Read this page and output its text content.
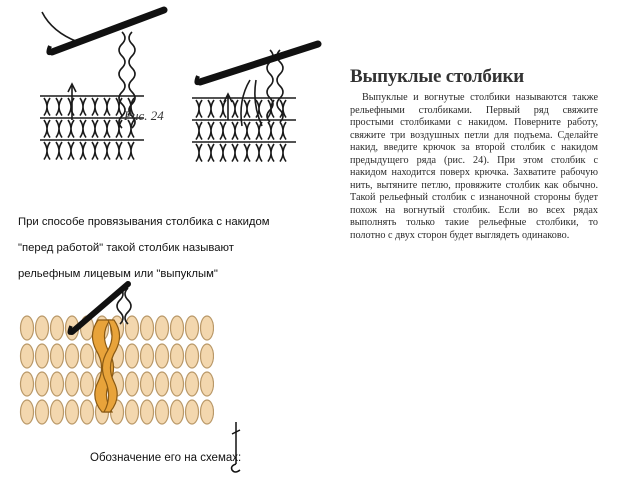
Рис. 24
При способе провязывания столбика с накидом
"перед работой" такой столбик называют
рельефным лицевым или "выпуклым"
Выпуклые столбики

Выпуклые и вогнутые столбики называются также рельефными столбиками. Первый ряд свяжите простыми столбиками с накидом. Поверните работу, свяжите три воздушных петли для подъема. Сделайте накид, введите крючок за второй столбик с накидом предыдущего ряда (рис. 24). При этом столбик с накидом находится поверх крючка. Захватите рабочую нить, вытяните петлю, провяжите столбик как обычно. Такой рельефный столбик с изнаночной стороны будет похож на вогнутый столбик. Если во всех рядах выполнять только такие рельефные столбики, то полотно с двух сторон будет выглядеть одинаково.

Обозначение его на схемах:
